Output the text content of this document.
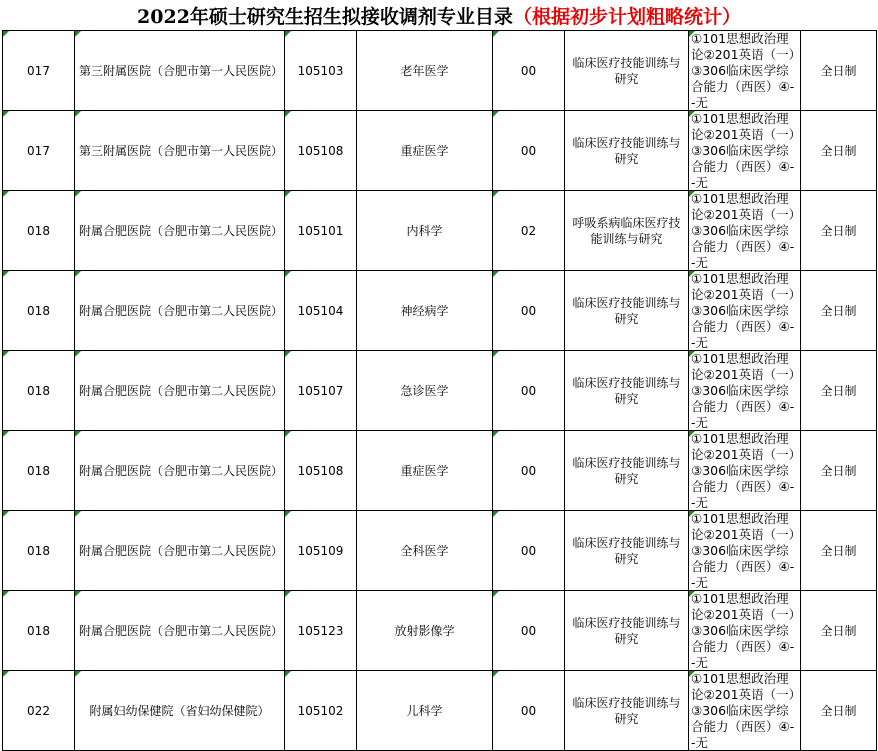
2022年硕士研究生招生拟接收调剂专业目录 （根据初步计划粗略统计）
017	第三附属医院（合肥市第一人民医院）	105103	老年医学	00	临床医疗技能训练与研究	①101思想政治理论②201英语（一）③306临床医学综合能力（西医）④--无	全日制

017	第三附属医院（合肥市第一人民医院）	105108	重症医学	00	临床医疗技能训练与研究	①101思想政治理论②201英语（一）③306临床医学综合能力（西医）④--无	全日制

018	附属合肥医院（合肥市第二人民医院）	105101	内科学	02	呼吸系病临床医疗技能训练与研究	①101思想政治理论②201英语（一）③306临床医学综合能力（西医）④--无	全日制

018	附属合肥医院（合肥市第二人民医院）	105104	神经病学	00	临床医疗技能训练与研究	①101思想政治理论②201英语（一）③306临床医学综合能力（西医）④--无	全日制

018	附属合肥医院（合肥市第二人民医院）	105107	急诊医学	00	临床医疗技能训练与研究	①101思想政治理论②201英语（一）③306临床医学综合能力（西医）④--无	全日制

018	附属合肥医院（合肥市第二人民医院）	105108	重症医学	00	临床医疗技能训练与研究	①101思想政治理论②201英语（一）③306临床医学综合能力（西医）④--无	全日制

018	附属合肥医院（合肥市第二人民医院）	105109	全科医学	00	临床医疗技能训练与研究	①101思想政治理论②201英语（一）③306临床医学综合能力（西医）④--无	全日制

018	附属合肥医院（合肥市第二人民医院）	105123	放射影像学	00	临床医疗技能训练与研究	①101思想政治理论②201英语（一）③306临床医学综合能力（西医）④--无	全日制

022	附属妇幼保健院（省妇幼保健院）	105102	儿科学	00	临床医疗技能训练与研究	①101思想政治理论②201英语（一）③306临床医学综合能力（西医）④--无	全日制
